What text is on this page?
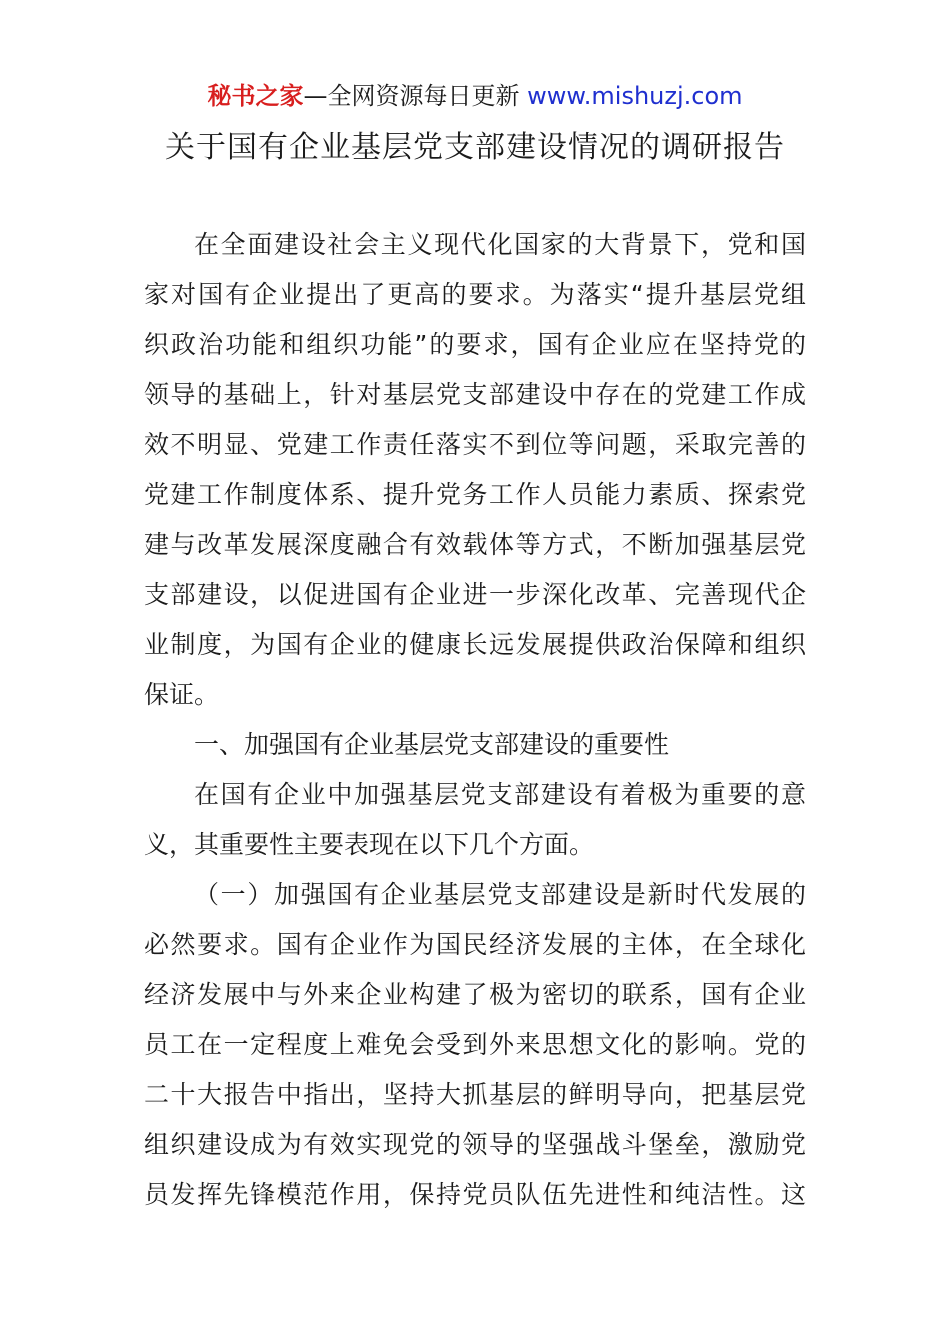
秘书之家—全网资源每日更新 www.mishuzj.com
关于国有企业基层党支部建设情况的调研报告
在全面建设社会主义现代化国家的大背景下，党和国
家对国有企业提出了更高的要求。为落实“提升基层党组
织政治功能和组织功能”的要求，国有企业应在坚持党的
领导的基础上，针对基层党支部建设中存在的党建工作成
效不明显、党建工作责任落实不到位等问题，采取完善的
党建工作制度体系、提升党务工作人员能力素质、探索党
建与改革发展深度融合有效载体等方式，不断加强基层党
支部建设，以促进国有企业进一步深化改革、完善现代企
业制度，为国有企业的健康长远发展提供政治保障和组织
保证。
一、加强国有企业基层党支部建设的重要性
在国有企业中加强基层党支部建设有着极为重要的意
义，其重要性主要表现在以下几个方面。
（一）加强国有企业基层党支部建设是新时代发展的
必然要求。国有企业作为国民经济发展的主体，在全球化
经济发展中与外来企业构建了极为密切的联系，国有企业
员工在一定程度上难免会受到外来思想文化的影响。党的
二十大报告中指出，坚持大抓基层的鲜明导向，把基层党
组织建设成为有效实现党的领导的坚强战斗堡垒，激励党
员发挥先锋模范作用，保持党员队伍先进性和纯洁性。这
